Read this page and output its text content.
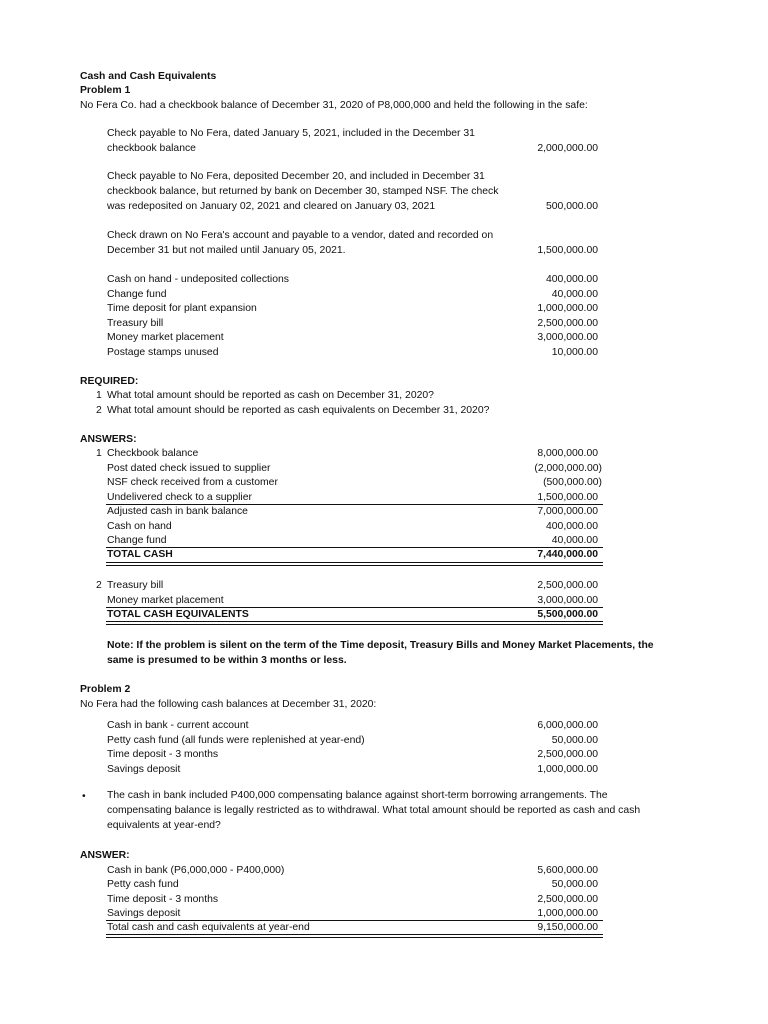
Cash and Cash Equivalents
Problem 1
No Fera Co. had a checkbook balance of December 31, 2020 of P8,000,000 and held the following in the safe:
Check payable to No Fera, dated January 5, 2021, included in the December 31
checkbook balance	2,000,000.00
Check payable to No Fera, deposited December 20, and included in December 31
checkbook balance, but returned by bank on December 30, stamped NSF. The check
was redeposited on January 02, 2021 and cleared on January 03, 2021	500,000.00
Check drawn on No Fera's account and payable to a vendor, dated and recorded on
December 31 but not mailed until January 05, 2021.	1,500,000.00
Cash on hand - undeposited collections	400,000.00
Change fund	40,000.00
Time deposit for plant expansion	1,000,000.00
Treasury bill	2,500,000.00
Money market placement	3,000,000.00
Postage stamps unused	10,000.00
REQUIRED:
1 What total amount should be reported as cash on December 31, 2020?
2 What total amount should be reported as cash equivalents on December 31, 2020?
ANSWERS:
1 Checkbook balance	8,000,000.00
Post dated check issued to supplier	(2,000,000.00)
NSF check received from a customer	(500,000.00)
Undelivered check to a supplier	1,500,000.00
Adjusted cash in bank balance	7,000,000.00
Cash on hand	400,000.00
Change fund	40,000.00
TOTAL CASH	7,440,000.00
2 Treasury bill	2,500,000.00
Money market placement	3,000,000.00
TOTAL CASH EQUIVALENTS	5,500,000.00
Note: If the problem is silent on the term of the Time deposit, Treasury Bills and Money Market Placements, the
same is presumed to be within 3 months or less.
Problem 2
No Fera had the following cash balances at December 31, 2020:
Cash in bank - current account	6,000,000.00
Petty cash fund (all funds were replenished at year-end)	50,000.00
Time deposit - 3 months	2,500,000.00
Savings deposit	1,000,000.00
• The cash in bank included P400,000 compensating balance against short-term borrowing arrangements. The
compensating balance is legally restricted as to withdrawal. What total amount should be reported as cash and cash
equivalents at year-end?
ANSWER:
Cash in bank (P6,000,000 - P400,000)	5,600,000.00
Petty cash fund	50,000.00
Time deposit - 3 months	2,500,000.00
Savings deposit	1,000,000.00
Total cash and cash equivalents at year-end	9,150,000.00
